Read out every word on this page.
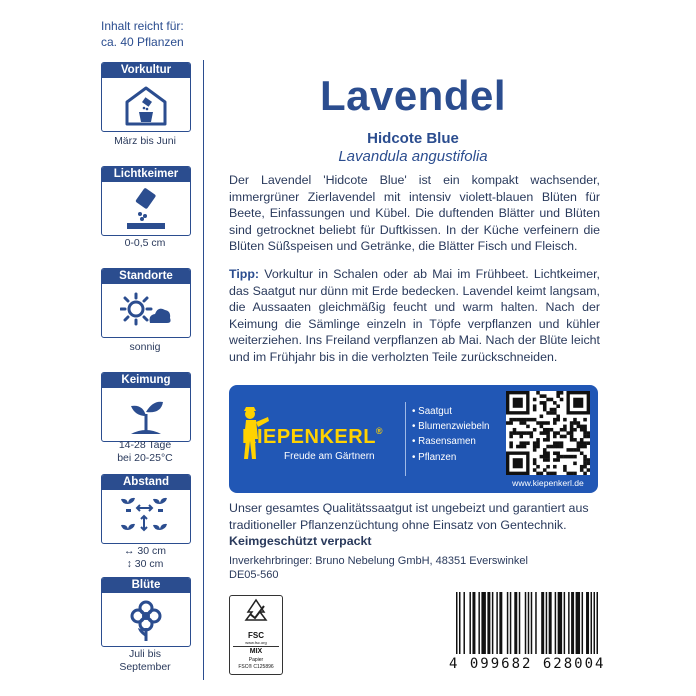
Inhalt reicht für:
ca. 40 Pflanzen
Vorkultur
März bis Juni
Lichtkeimer
0-0,5 cm
Standorte
sonnig
Keimung
14-28 Tage
bei 20-25°C
Abstand
↔ 30 cm
↕ 30 cm
Blüte
Juli bis
September
Lavendel
Hidcote Blue
Lavandula angustifolia
Der Lavendel 'Hidcote Blue' ist ein kompakt wachsender, immergrüner Zierlavendel mit intensiv violett-blauen Blüten für Beete, Einfassungen und Kübel. Die duftenden Blätter und Blüten sind getrocknet beliebt für Duftkissen. In der Küche verfeinern die Blüten Süßspeisen und Getränke, die Blätter Fisch und Fleisch.
Tipp: Vorkultur in Schalen oder ab Mai im Frühbeet. Lichtkeimer, das Saatgut nur dünn mit Erde bedecken. Lavendel keimt langsam, die Aussaaten gleichmäßig feucht und warm halten. Nach der Keimung die Sämlinge einzeln in Töpfe verpflanzen und kühler weiterziehen. Ins Freiland verpflanzen ab Mai. Nach der Blüte leicht und im Frühjahr bis in die verholzten Teile zurückschneiden.
KIEPENKERL®
Freude am Gärtnern
• Saatgut
• Blumenzwiebeln
• Rasensamen
• Pflanzen
www.kiepenkerl.de
Unser gesamtes Qualitätssaatgut ist ungebeizt und garantiert aus traditioneller Pflanzenzüchtung ohne Einsatz von Gentechnik.
Keimgeschützt verpackt
Inverkehrbringer: Bruno Nebelung GmbH, 48351 Everswinkel
DE05-560
FSC
www.fsc.org
MIX
Papier
FSC® C125896	4 099682 628004
